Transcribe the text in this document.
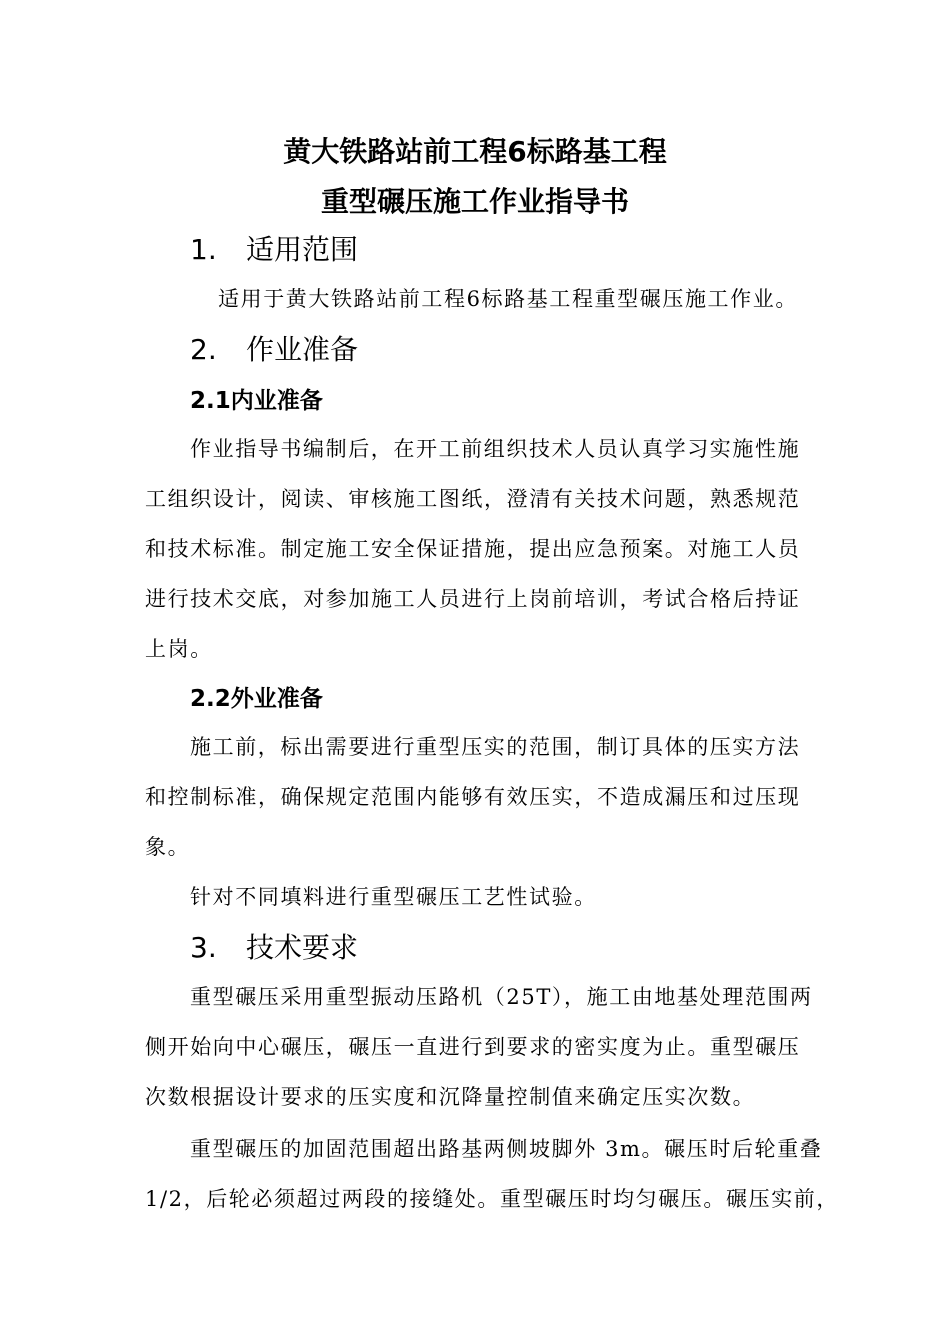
黄大铁路站前工程6标路基工程
重型碾压施工作业指导书
1. 适用范围
适用于黄大铁路站前工程6标路基工程重型碾压施工作业。
2. 作业准备
2.1内业准备
作业指导书编制后，在开工前组织技术人员认真学习实施性施
工组织设计，阅读、审核施工图纸，澄清有关技术问题，熟悉规范
和技术标准。制定施工安全保证措施，提出应急预案。对施工人员
进行技术交底，对参加施工人员进行上岗前培训，考试合格后持证
上岗。
2.2外业准备
施工前，标出需要进行重型压实的范围，制订具体的压实方法
和控制标准，确保规定范围内能够有效压实，不造成漏压和过压现
象。
针对不同填料进行重型碾压工艺性试验。
3. 技术要求
重型碾压采用重型振动压路机（25T），施工由地基处理范围两
侧开始向中心碾压，碾压一直进行到要求的密实度为止。重型碾压
次数根据设计要求的压实度和沉降量控制值来确定压实次数。
重型碾压的加固范围超出路基两侧坡脚外 3m。碾压时后轮重叠
1/2，后轮必须超过两段的接缝处。重型碾压时均匀碾压。碾压实前，
